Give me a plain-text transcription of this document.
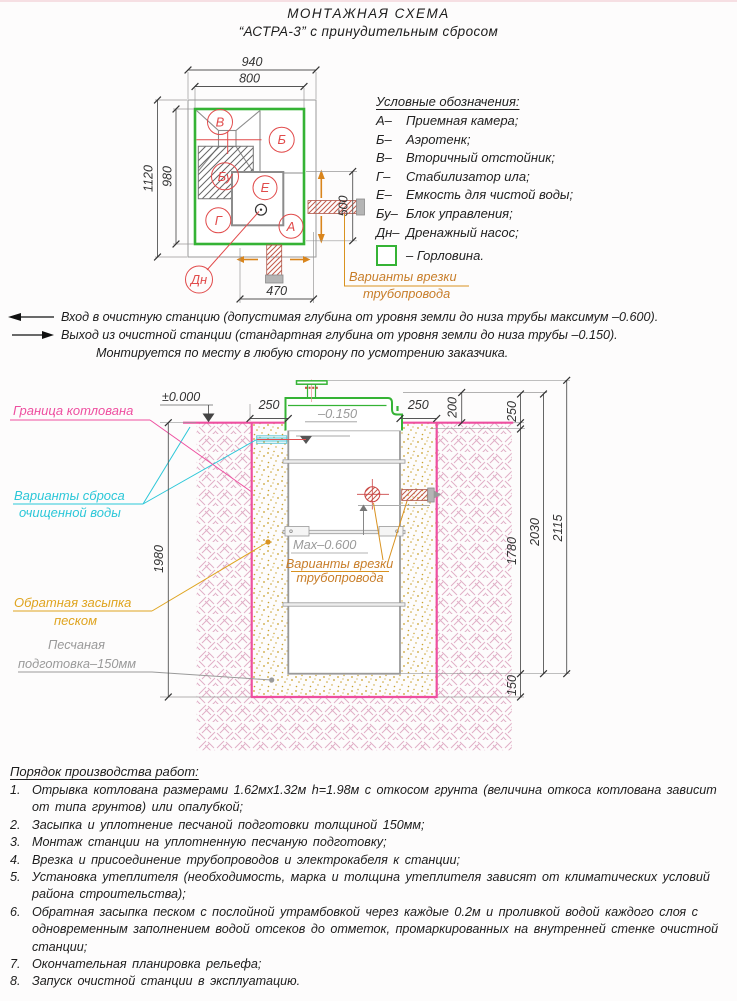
В
Б
Бу
Е
Г	А
Дн
940
800
1120 980
500
470
Варианты врезки
трубопровода
±0.000
–0.150
Max–0.600
Варианты врезки
трубопровода
Граница котлована
Варианты сброса
очищенной воды
Обратная засыпка
песком
Песчаная
подготовка–150мм
250	250 200	250
1780
150
2030 2115
1980
МОНТАЖНАЯ СХЕМА
“АСТРА-3” с принудительным сбросом
Условные обозначения:
А–	Приемная камера;
Б–	Аэротенк;
В–	Вторичный отстойник;
Г–	Стабилизатор ила;
Е–	Емкость для чистой воды;
Бу– Блок управления;
Дн– Дренажный насос;
– Горловина.
Вход в очистную станцию (допустимая глубина от уровня земли до низа трубы максимум –0.600).
Выход из очистной станции (стандартная глубина от уровня земли до низа трубы –0.150).
Монтируется по месту в любую сторону по усмотрению заказчика.
Порядок производства работ:
1. Отрывка котлована размерами 1.62мх1.32м h=1.98м с откосом грунта (величина откоса котлована зависит от типа грунтов) или опалубкой;
2. Засыпка и уплотнение песчаной подготовки толщиной 150мм;
3. Монтаж станции на уплотненную песчаную подготовку;
4. Врезка и присоединение трубопроводов и электрокабеля к станции;
5. Установка утеплителя (необходимость, марка и толщина утеплителя зависят от климатических условий района строительства);
6. Обратная засыпка песком с послойной утрамбовкой через каждые 0.2м и проливкой водой каждого слоя с одновременным заполнением водой отсеков до отметок, промаркированных на внутренней стенке очистной станции;
7. Окончательная планировка рельефа;
8. Запуск очистной станции в эксплуатацию.
